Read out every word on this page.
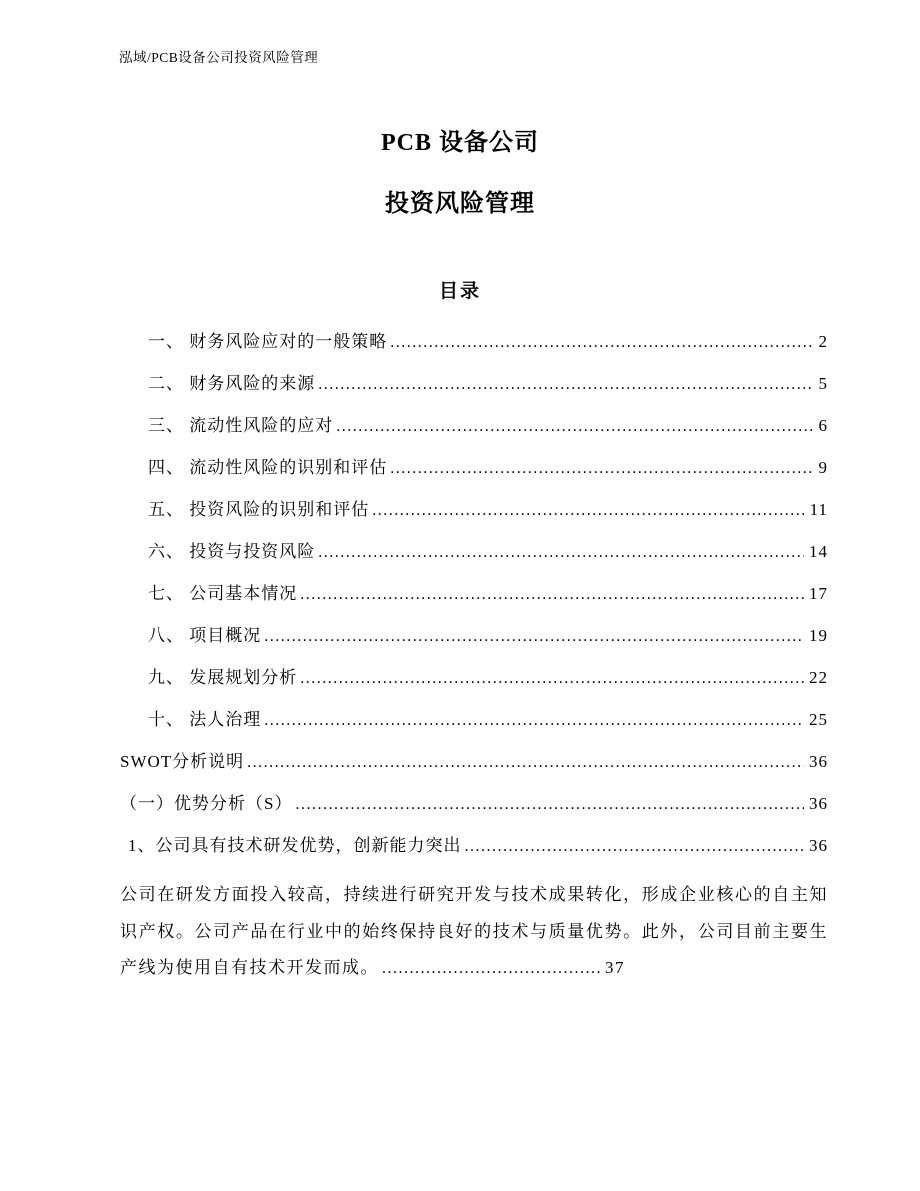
泓域/PCB设备公司投资风险管理
PCB 设备公司
投资风险管理
目录
一、 财务风险应对的一般策略 .....	2
二、 财务风险的来源 .....	5
三、 流动性风险的应对 .....	6
四、 流动性风险的识别和评估 .....	9
五、 投资风险的识别和评估 .....	11
六、 投资与投资风险 .....	14
七、 公司基本情况 .....	17
八、 项目概况 .....	19
九、 发展规划分析 .....	22
十、 法人治理 .....	25
SWOT分析说明 .....	36
（一）优势分析（S） .....	36
1、公司具有技术研发优势，创新能力突出 .....	36
公司在研发方面投入较高，持续进行研究开发与技术成果转化，形成企业核心的自主知识产权。公司产品在行业中的始终保持良好的技术与质量优势。此外，公司目前主要生产线为使用自有技术开发而成。 .....	37
